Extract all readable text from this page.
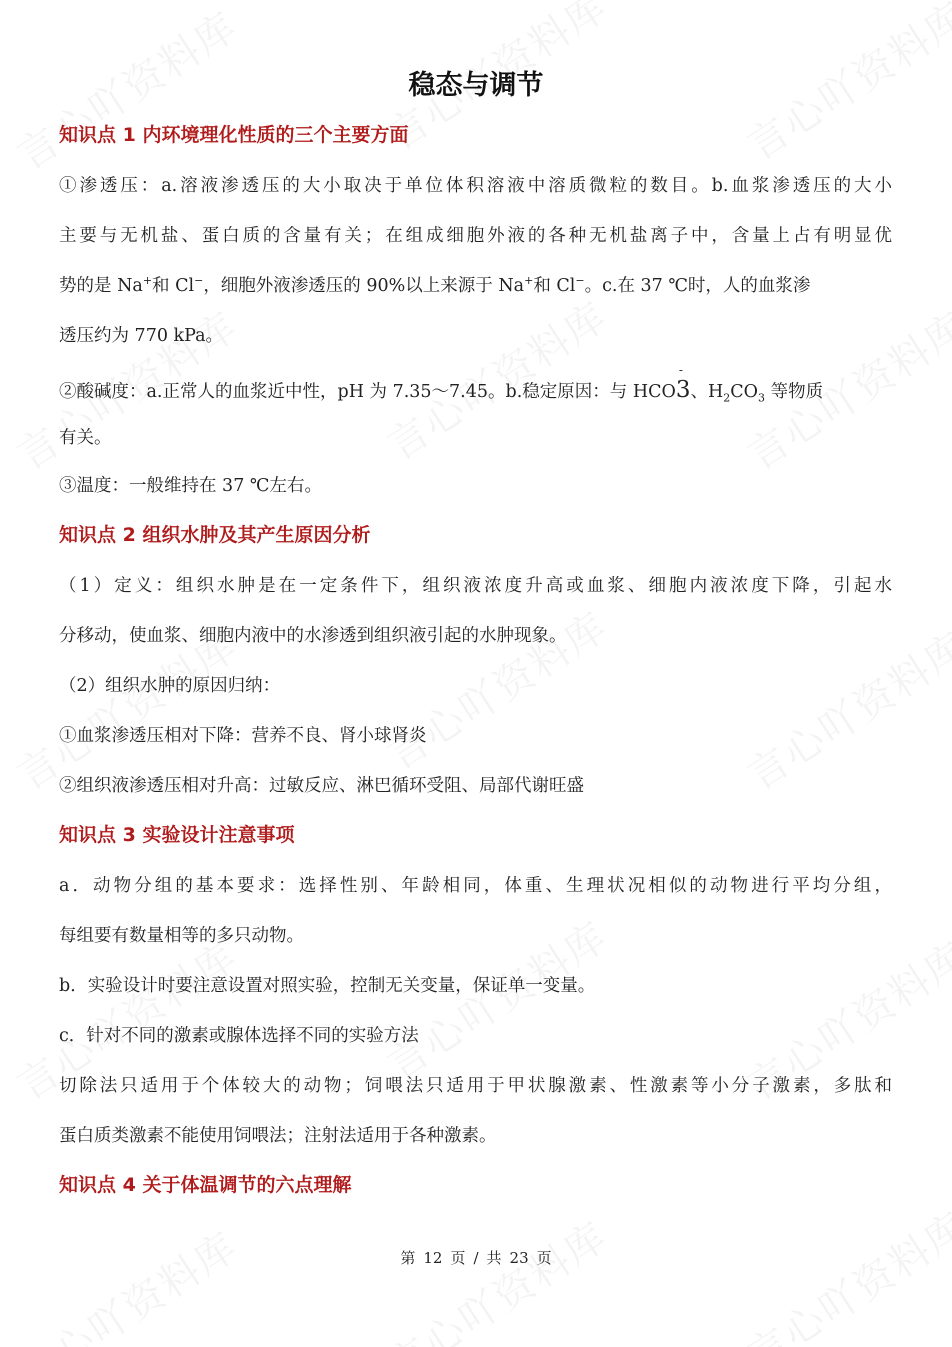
稳态与调节
知识点 1 内环境理化性质的三个主要方面
①渗透压：a.溶液渗透压的大小取决于单位体积溶液中溶质微粒的数目。b.血浆渗透压的大小
主要与无机盐、蛋白质的含量有关；在组成细胞外液的各种无机盐离子中，含量上占有明显优
势的是 Na+和 Cl−，细胞外液渗透压的 90%以上来源于 Na+和 Cl−。c.在 37 ℃时，人的血浆渗
透压约为 770 kPa。
②酸碱度：a.正常人的血浆近中性，pH 为 7.35～7.45。b.稳定原因：与 HCO
-
3、$H_2CO_3$ 等物质
有关。
③温度：一般维持在 37 ℃左右。
知识点 2 组织水肿及其产生原因分析
（1）定义：组织水肿是在一定条件下，组织液浓度升高或血浆、细胞内液浓度下降，引起水
分移动，使血浆、细胞内液中的水渗透到组织液引起的水肿现象。
（2）组织水肿的原因归纳：
①血浆渗透压相对下降：营养不良、肾小球肾炎
②组织液渗透压相对升高：过敏反应、淋巴循环受阻、局部代谢旺盛
知识点 3 实验设计注意事项
a．动物分组的基本要求：选择性别、年龄相同，体重、生理状况相似的动物进行平均分组，
每组要有数量相等的多只动物。
b．实验设计时要注意设置对照实验，控制无关变量，保证单一变量。
c．针对不同的激素或腺体选择不同的实验方法
切除法只适用于个体较大的动物；饲喂法只适用于甲状腺激素、性激素等小分子激素，多肽和
蛋白质类激素不能使用饲喂法；注射法适用于各种激素。
知识点 4 关于体温调节的六点理解
第 12 页 / 共 23 页
